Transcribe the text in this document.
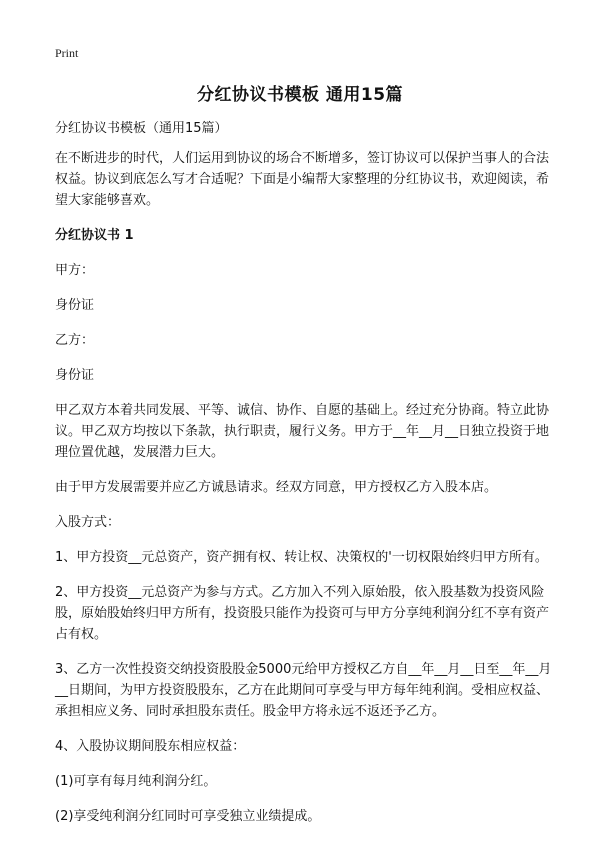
Print
分红协议书模板 通用15篇

分红协议书模板（通用15篇）

在不断进步的时代，人们运用到协议的场合不断增多，签订协议可以保护当事人的合法权益。协议到底怎么写才合适呢？下面是小编帮大家整理的分红协议书，欢迎阅读，希望大家能够喜欢。

分红协议书 1

甲方：

身份证

乙方：

身份证

甲乙双方本着共同发展、平等、诚信、协作、自愿的基础上。经过充分协商。特立此协议。甲乙双方均按以下条款，执行职责，履行义务。甲方于__年__月__日独立投资于地理位置优越，发展潜力巨大。

由于甲方发展需要并应乙方诚恳请求。经双方同意，甲方授权乙方入股本店。

入股方式：

1、甲方投资__元总资产，资产拥有权、转让权、决策权的'一切权限始终归甲方所有。

2、甲方投资__元总资产为参与方式。乙方加入不列入原始股，依入股基数为投资风险股，原始股始终归甲方所有，投资股只能作为投资可与甲方分享纯利润分红不享有资产占有权。

3、乙方一次性投资交纳投资股股金5000元给甲方授权乙方自__年__月__日至__年__月__日期间，为甲方投资股股东，乙方在此期间可享受与甲方每年纯利润。受相应权益、承担相应义务、同时承担股东责任。股金甲方将永远不返还予乙方。

4、入股协议期间股东相应权益：

(1)可享有每月纯利润分红。

(2)享受纯利润分红同时可享受独立业绩提成。
